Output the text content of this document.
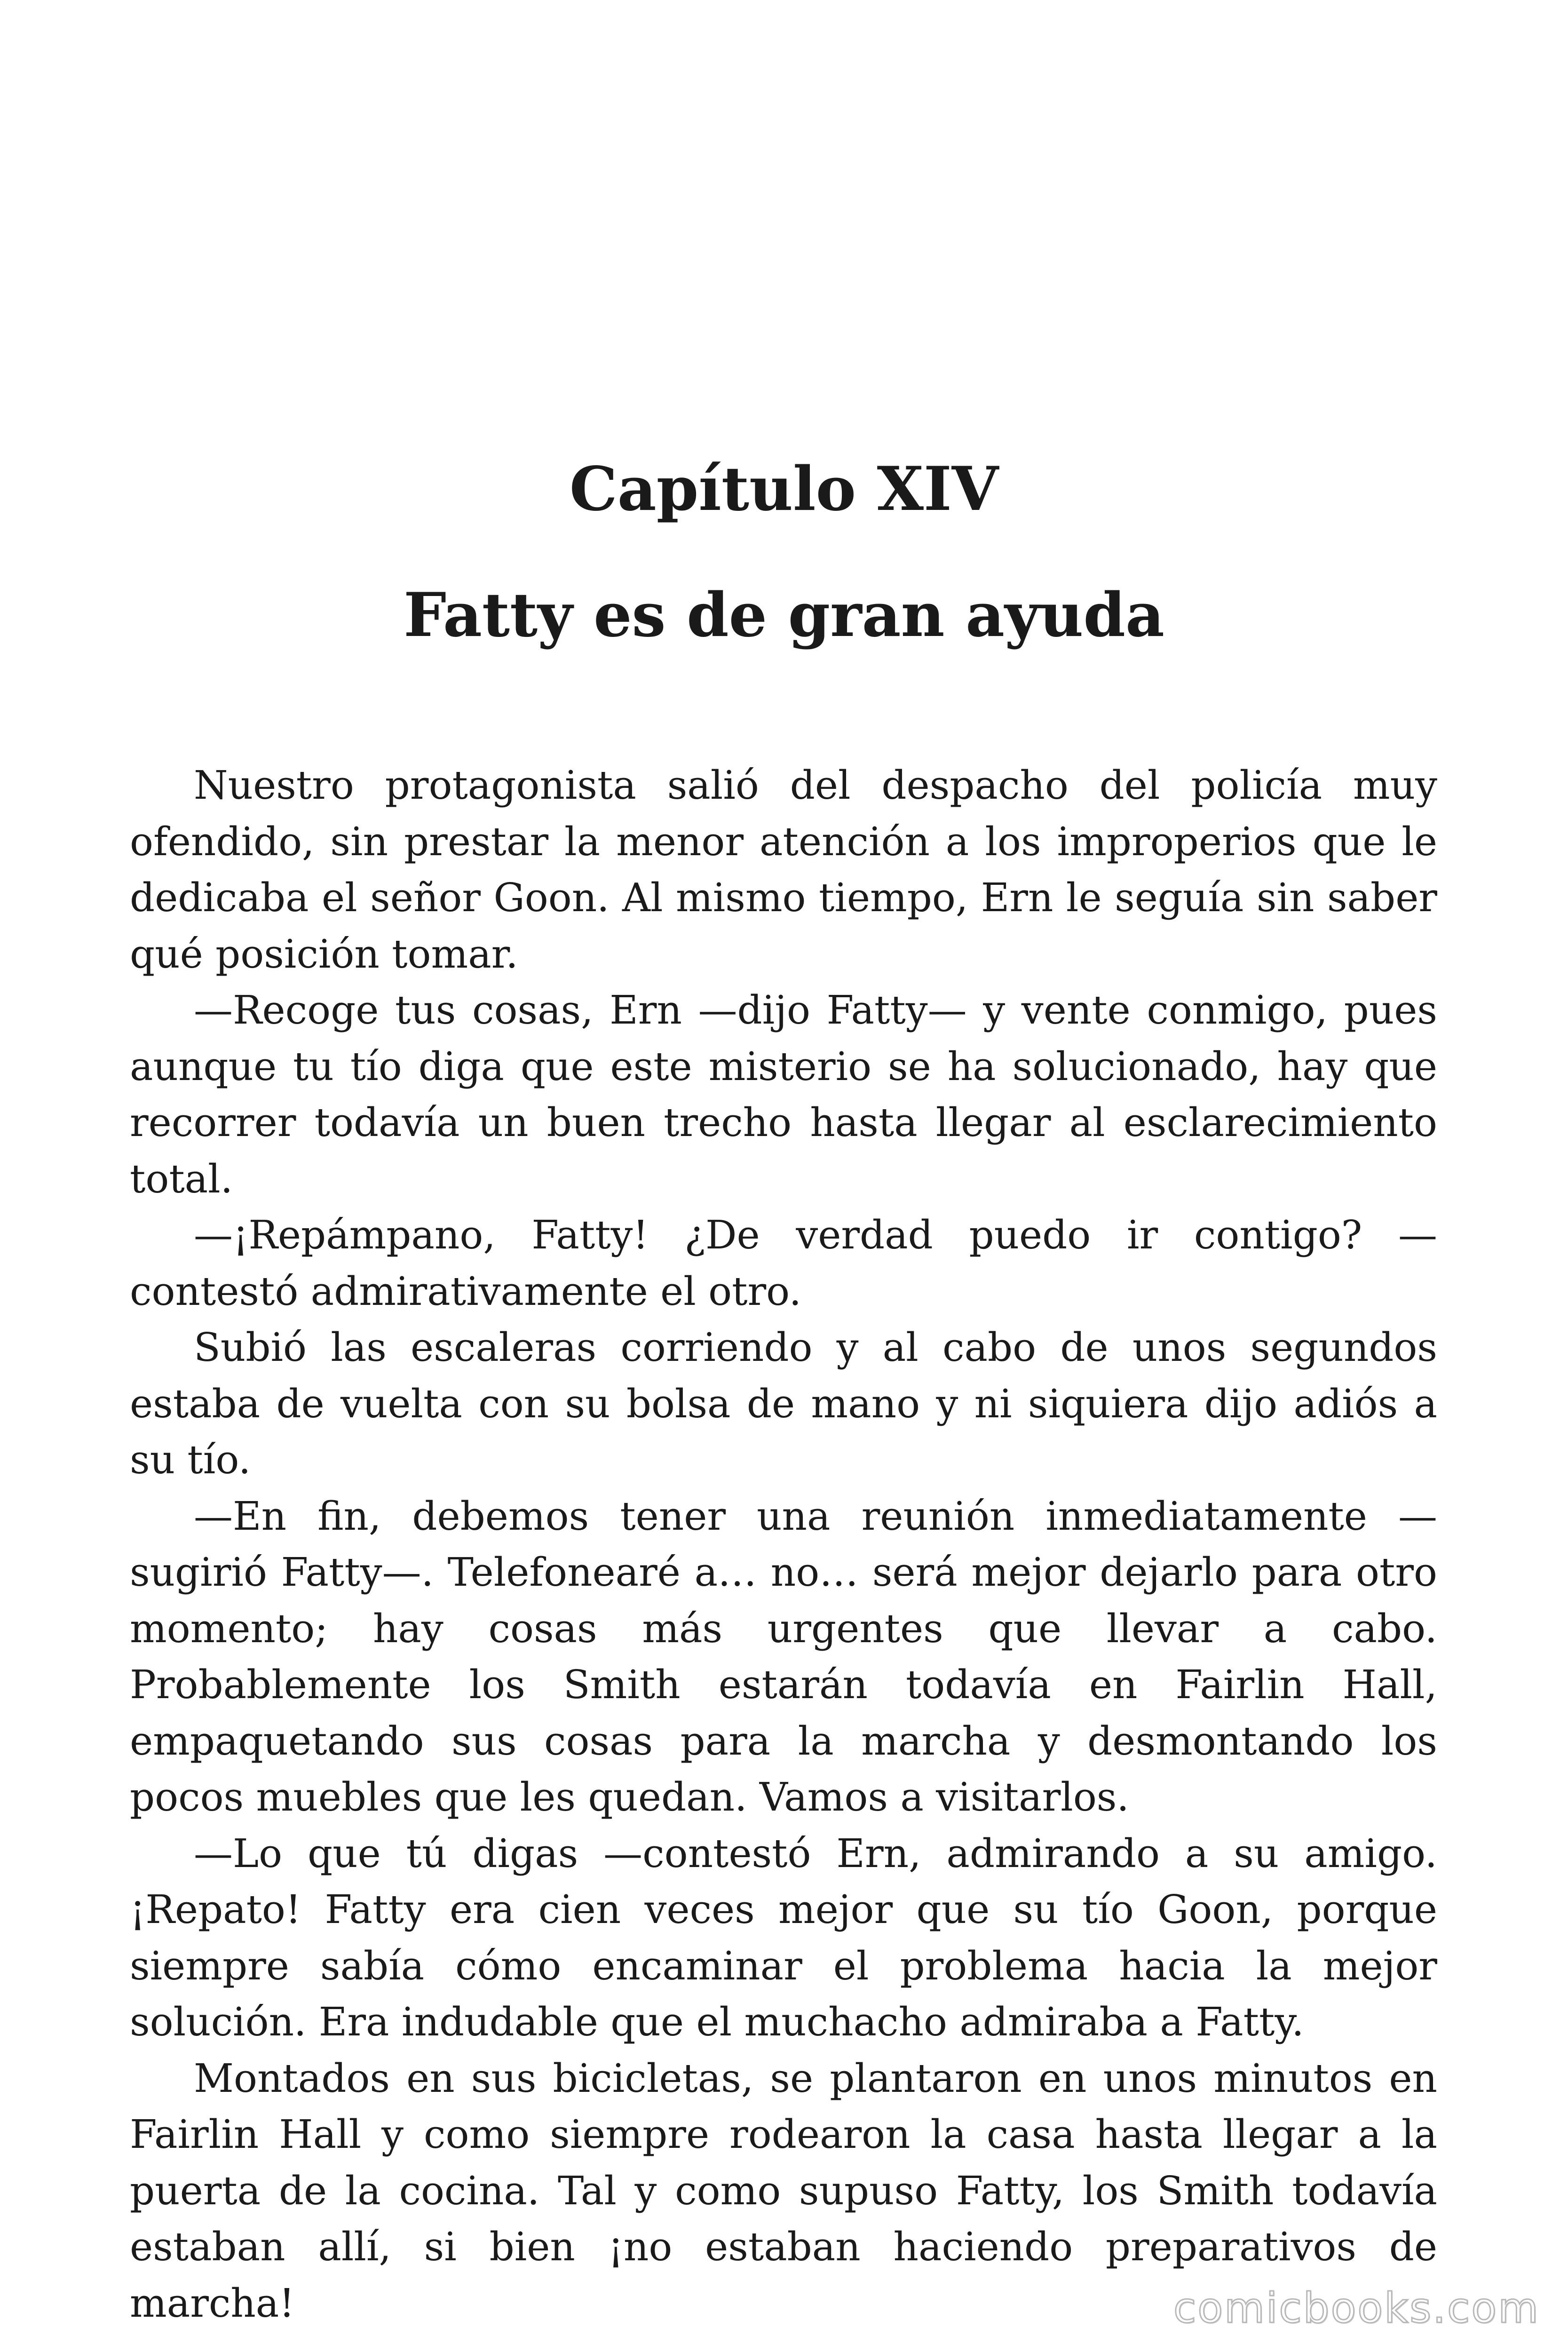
Capítulo XIV
Fatty es de gran ayuda

Nuestro protagonista salió del despacho del policía muy ofendido, sin prestar la menor atención a los improperios que le dedicaba el señor Goon. Al mismo tiempo, Ern le seguía sin saber qué posición tomar.

—Recoge tus cosas, Ern —dijo Fatty— y vente conmigo, pues aunque tu tío diga que este misterio se ha solucionado, hay que recorrer todavía un buen trecho hasta llegar al esclarecimiento total.

—¡Repámpano, Fatty! ¿De verdad puedo ir contigo? —contestó admirativamente el otro.

Subió las escaleras corriendo y al cabo de unos segundos estaba de vuelta con su bolsa de mano y ni siquiera dijo adiós a su tío.

—En fin, debemos tener una reunión inmediatamente —sugirió Fatty—. Telefonearé a… no… será mejor dejarlo para otro momento; hay cosas más urgentes que llevar a cabo. Probablemente los Smith estarán todavía en Fairlin Hall, empaquetando sus cosas para la marcha y desmontando los pocos muebles que les quedan. Vamos a visitarlos.

—Lo que tú digas —contestó Ern, admirando a su amigo. ¡Repato! Fatty era cien veces mejor que su tío Goon, porque siempre sabía cómo encaminar el problema hacia la mejor solución. Era indudable que el muchacho admiraba a Fatty.

Montados en sus bicicletas, se plantaron en unos minutos en Fairlin Hall y como siempre rodearon la casa hasta llegar a la puerta de la cocina. Tal y como supuso Fatty, los Smith todavía estaban allí, si bien ¡no estaban haciendo preparativos de marcha!	comicbooks.com
